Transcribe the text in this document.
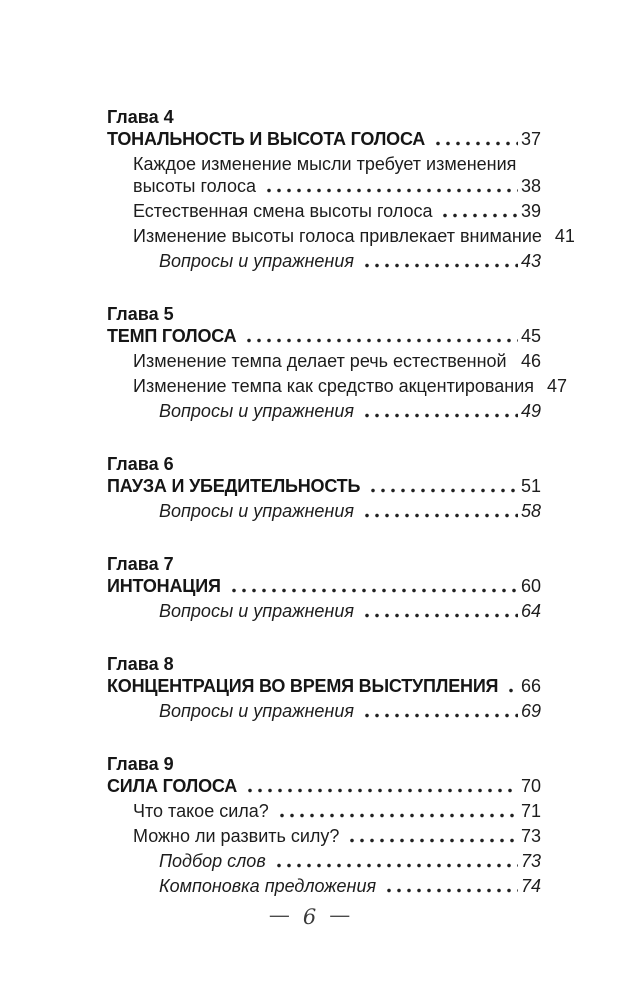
Глава 4
ТОНАЛЬНОСТЬ И ВЫСОТА ГОЛОСА	37
Каждое изменение мысли требует изменения
высоты голоса	38
Естественная смена высоты голоса	39
Изменение высоты голоса привлекает внимание 41
Вопросы и упражнения	43
Глава 5
ТЕМП ГОЛОСА	45
Изменение темпа делает речь естественной 46
Изменение темпа как средство акцентирования 47
Вопросы и упражнения	49
Глава 6
ПАУЗА И УБЕДИТЕЛЬНОСТЬ	51
Вопросы и упражнения	58
Глава 7
ИНТОНАЦИЯ	60
Вопросы и упражнения	64
Глава 8
КОНЦЕНТРАЦИЯ ВО ВРЕМЯ ВЫСТУПЛЕНИЯ 66
Вопросы и упражнения	69
Глава 9
СИЛА ГОЛОСА	70
Что такое сила?	71
Можно ли развить силу?	73
Подбор слов	73
Компоновка предложения	74
— 6 —
